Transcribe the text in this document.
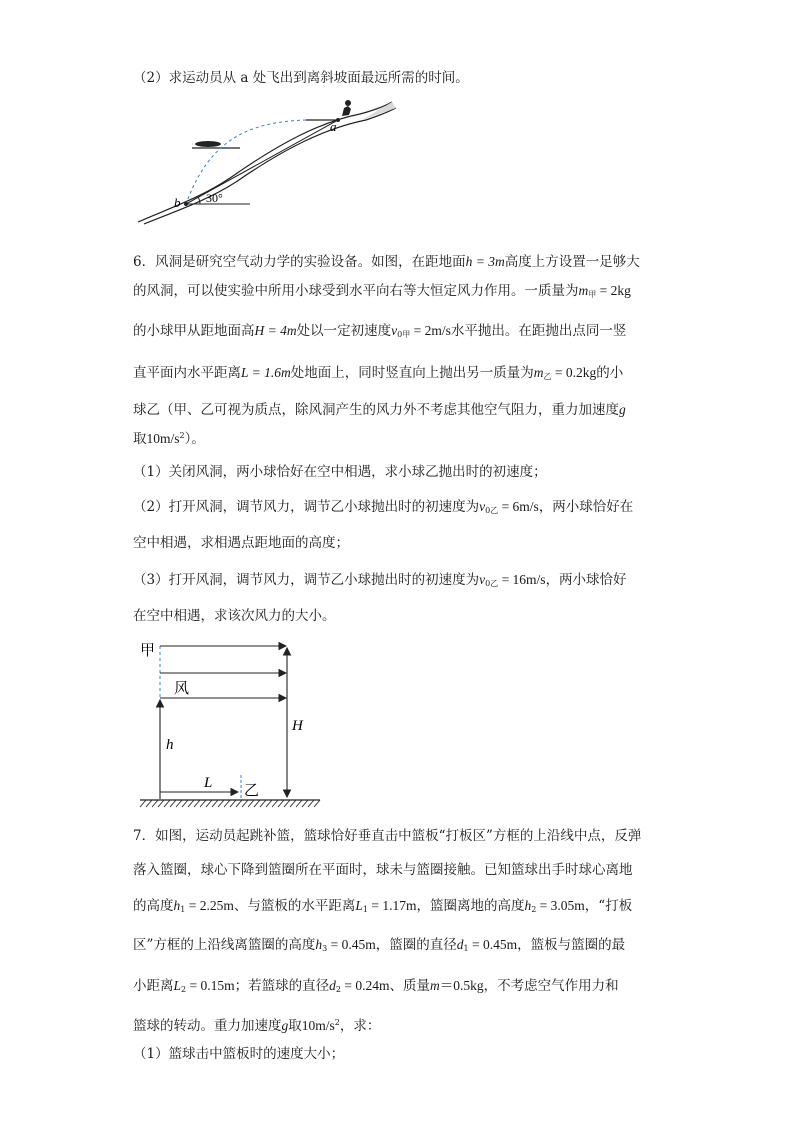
（2）求运动员从 a 处飞出到离斜坡面最远所需的时间。
a
b 30°
6．风洞是研究空气动力学的实验设备。如图，在距地面h = 3m高度上方设置一足够大
的风洞，可以使实验中所用小球受到水平向右等大恒定风力作用。一质量为$m_甲 = 2kg$
的小球甲从距地面高H = 4m处以一定初速度$v_{0甲} = 2m/s$水平抛出。在距抛出点同一竖
直平面内水平距离L = 1.6m处地面上，同时竖直向上抛出另一质量为$m_乙 = 0.2kg$的小
球乙（甲、乙可视为质点，除风洞产生的风力外不考虑其他空气阻力，重力加速度g
取$10m/s^2$）。
（1）关闭风洞，两小球恰好在空中相遇，求小球乙抛出时的初速度；
（2）打开风洞，调节风力，调节乙小球抛出时的初速度为$v_{0乙} = 6m/s$，两小球恰好在
空中相遇，求相遇点距地面的高度；
（3）打开风洞，调节风力，调节乙小球抛出时的初速度为$v_{0乙} = 16m/s$，两小球恰好
在空中相遇，求该次风力的大小。
甲
风
h
H
L 乙
7．如图，运动员起跳补篮，篮球恰好垂直击中篮板“打板区”方框的上沿线中点，反弹
落入篮圈，球心下降到篮圈所在平面时，球未与篮圈接触。已知篮球出手时球心离地
的高度$h_1 = 2.25m$、与篮板的水平距离$L_1 = 1.17m$，篮圈离地的高度$h_2 = 3.05m$，“打板
区”方框的上沿线离篮圈的高度$h_3 = 0.45m$，篮圈的直径$d_1 = 0.45m$，篮板与篮圈的最
小距离$L_2 = 0.15m$；若篮球的直径$d_2 = 0.24m$、质量m＝0.5kg，不考虑空气作用力和
篮球的转动。重力加速度g取$10m/s^2$，求：
（1）篮球击中篮板时的速度大小；
